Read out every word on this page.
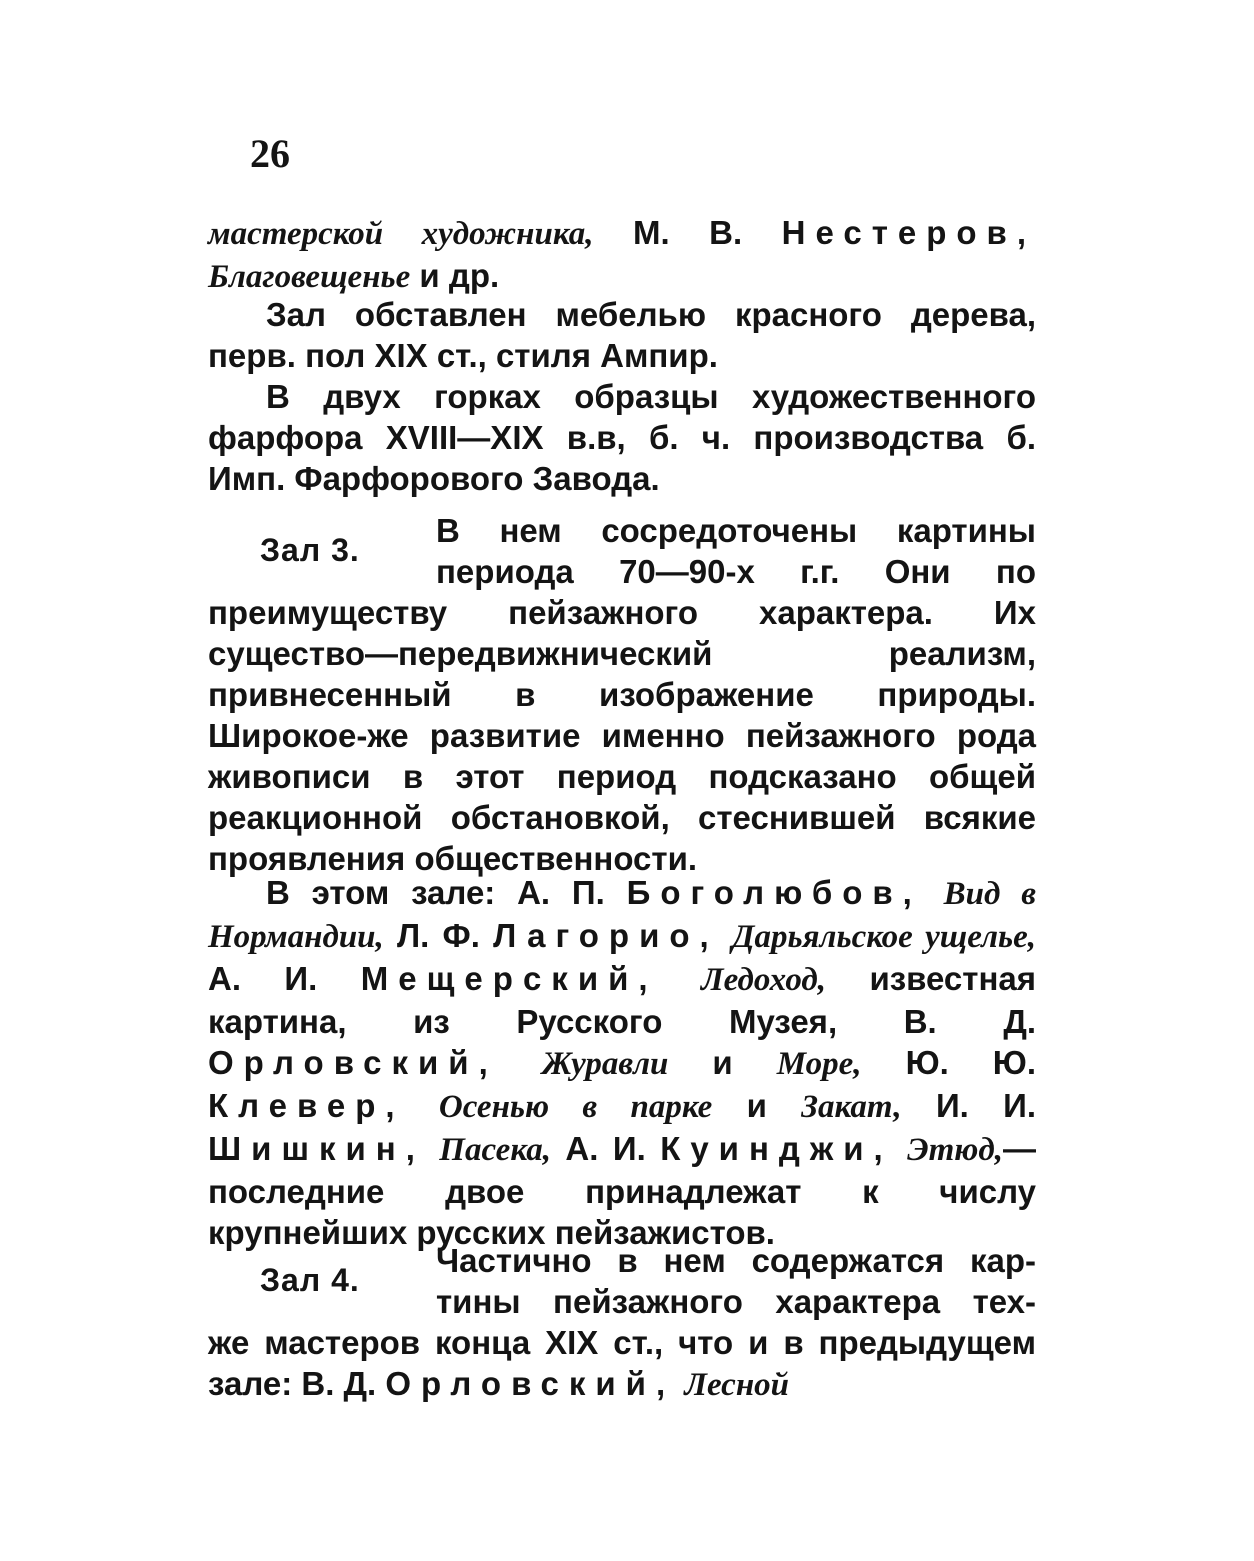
26

мастерской художника, М. В. Нестеров, Благовещенье и др.

Зал обставлен мебелью красного дерева, перв. пол XIX ст., стиля Ампир.

В двух горках образцы художественного фарфора XVIII—XIX в.в, б. ч. производства б. Имп. Фарфорового Завода.

Зал 3.
В нем сосредоточены картины
периода 70—90-х г.г. Они по

преимуществу пейзажного характера. Их существо—передвижнический реализм, привнесенный в изображение природы. Широкое-же развитие именно пейзажного рода живописи в этот период подсказано общей реакционной обстановкой, стеснившей всякие проявления общественности.

В этом зале: А. П. Боголюбов, Вид в Нормандии, Л. Ф. Лагорио, Дарьяльское ущелье, А. И. Мещерский, Ледоход, известная картина, из Русского Музея, В. Д. Орловский, Журавли и Море, Ю. Ю. Клевер, Осенью в парке и Закат, И. И. Шишкин, Пасека, А. И. Куинджи, Этюд,—последние двое принадлежат к числу крупнейших русских пейзажистов.

Зал 4.
Частично в нем содержатся кар-
тины пейзажного характера тех-

же мастеров конца XIX ст., что и в предыдущем зале: В. Д. Орловский, Лесной
